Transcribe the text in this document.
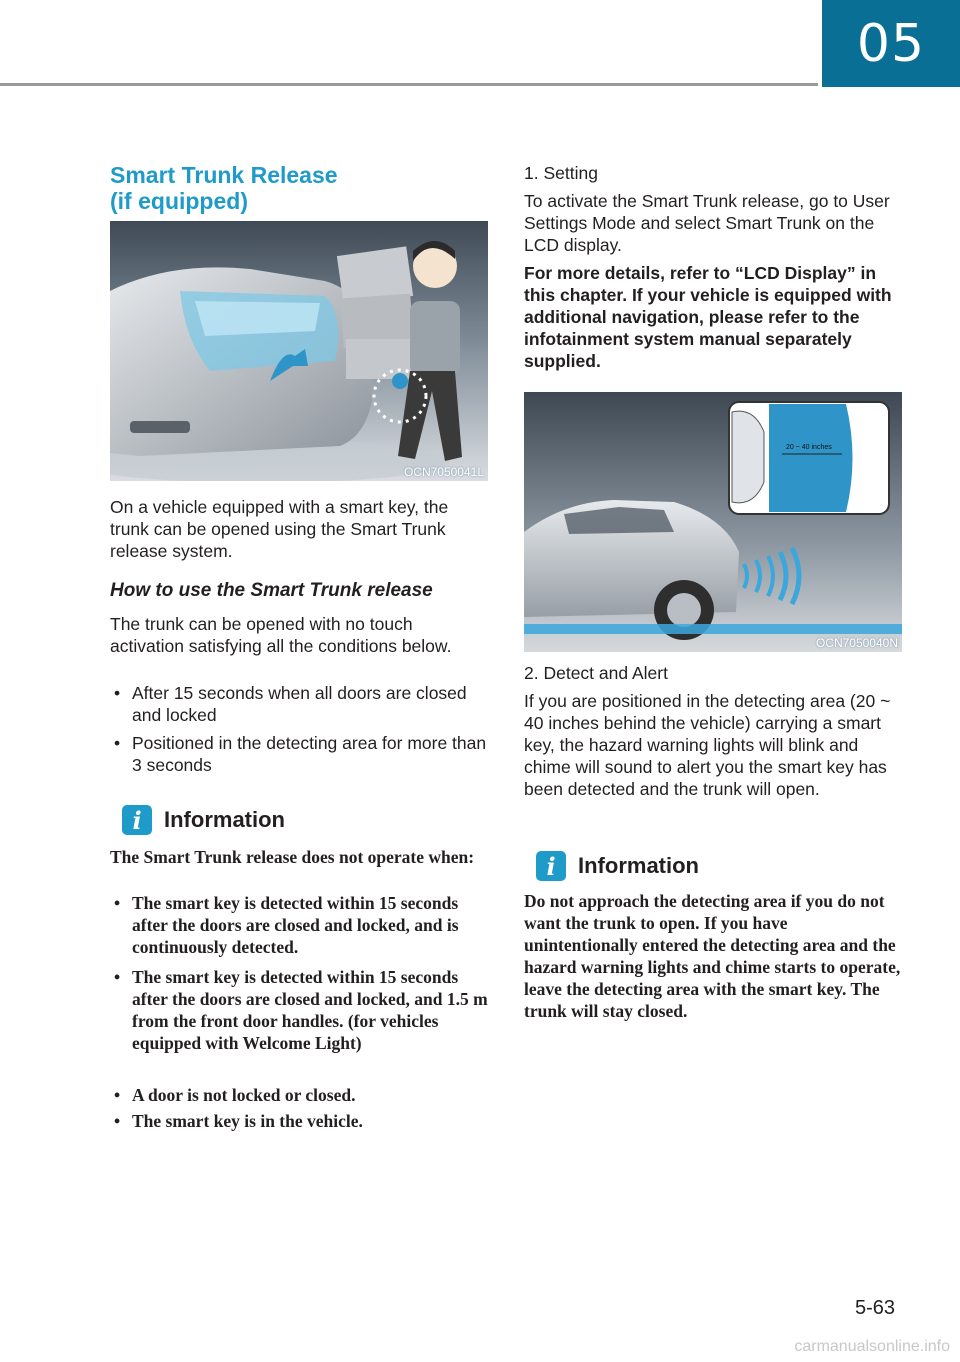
05
Smart Trunk Release
(if equipped)
OCN7050041L

On a vehicle equipped with a smart key, the trunk can be opened using the Smart Trunk release system.

How to use the Smart Trunk release

The trunk can be opened with no touch activation satisfying all the conditions below.

• After 15 seconds when all doors are closed and locked

• Positioned in the detecting area for more than 3 seconds

i	Information

The Smart Trunk release does not operate when:

• The smart key is detected within 15 seconds after the doors are closed and locked, and is continuously detected.

• The smart key is detected within 15 seconds after the doors are closed and locked, and 1.5 m from the front door handles. (for vehicles equipped with Welcome Light)

• A door is not locked or closed.

• The smart key is in the vehicle.

1. Setting

To activate the Smart Trunk release, go to User Settings Mode and select Smart Trunk on the LCD display.

For more details, refer to “LCD Display” in this chapter. If your vehicle is equipped with additional navigation, please refer to the infotainment system manual separately supplied.

20 ~ 40 inches
OCN7050040N

2. Detect and Alert

If you are positioned in the detecting area (20 ~ 40 inches behind the vehicle) carrying a smart key, the hazard warning lights will blink and chime will sound to alert you the smart key has been detected and the trunk will open.

i	Information

Do not approach the detecting area if you do not want the trunk to open. If you have unintentionally entered the detecting area and the hazard warning lights and chime starts to operate, leave the detecting area with the smart key. The trunk will stay closed.

5-63
carmanualsonline.info
